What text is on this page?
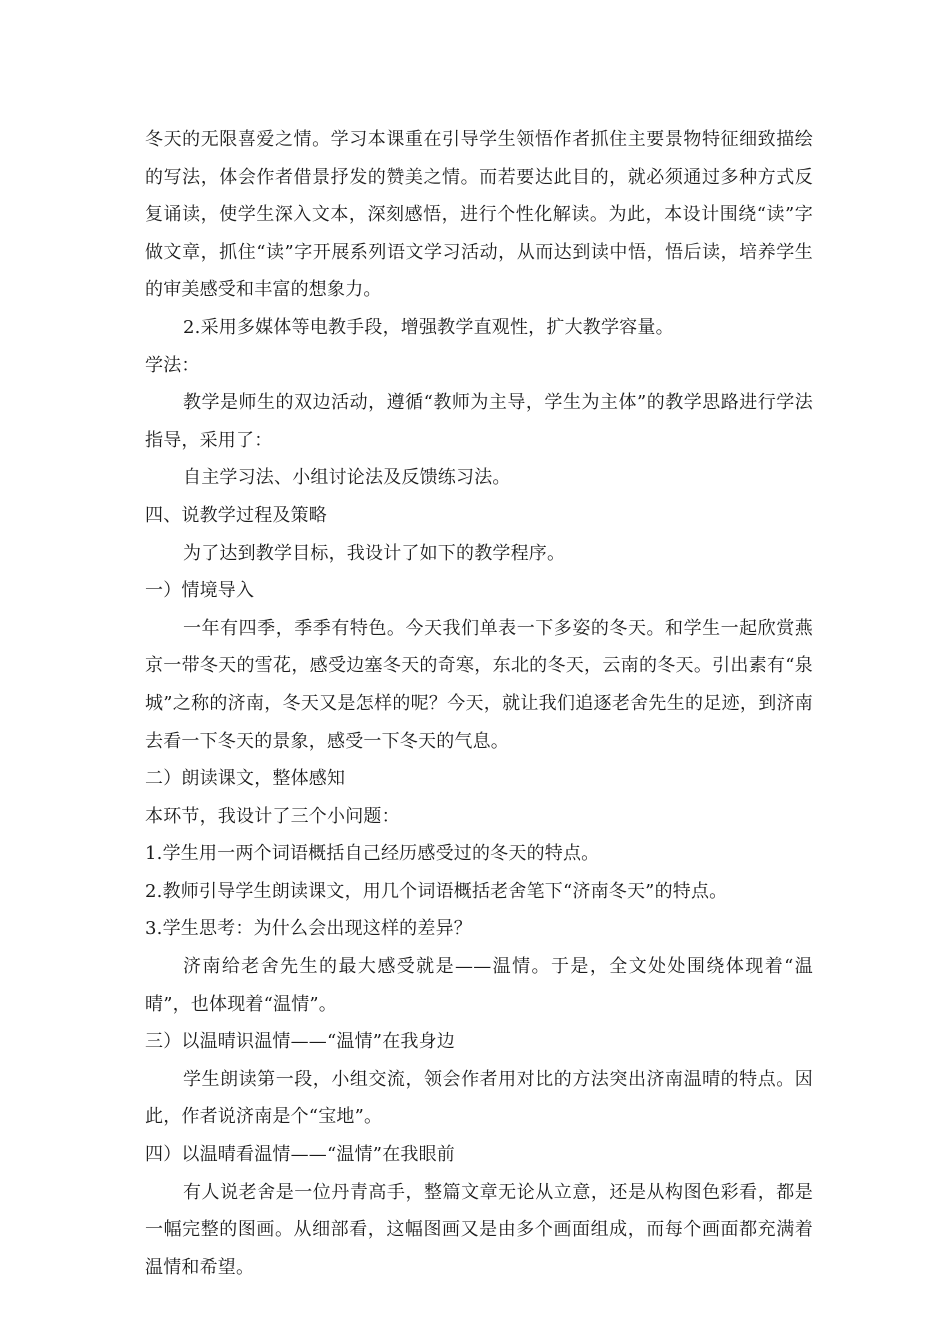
冬天的无限喜爱之情。学习本课重在引导学生领悟作者抓住主要景物特征细致描绘的写法，体会作者借景抒发的赞美之情。而若要达此目的，就必须通过多种方式反复诵读，使学生深入文本，深刻感悟，进行个性化解读。为此，本设计围绕“读”字做文章，抓住“读”字开展系列语文学习活动，从而达到读中悟，悟后读，培养学生的审美感受和丰富的想象力。

2.采用多媒体等电教手段，增强教学直观性，扩大教学容量。

学法：

教学是师生的双边活动，遵循“教师为主导，学生为主体”的教学思路进行学法指导，采用了：

自主学习法、小组讨论法及反馈练习法。

四、说教学过程及策略

为了达到教学目标，我设计了如下的教学程序。

一）情境导入

一年有四季，季季有特色。今天我们单表一下多姿的冬天。和学生一起欣赏燕京一带冬天的雪花，感受边塞冬天的奇寒，东北的冬天，云南的冬天。引出素有“泉城”之称的济南，冬天又是怎样的呢？今天，就让我们追逐老舍先生的足迹，到济南去看一下冬天的景象，感受一下冬天的气息。

二）朗读课文，整体感知

本环节，我设计了三个小问题：

1.学生用一两个词语概括自己经历感受过的冬天的特点。

2.教师引导学生朗读课文，用几个词语概括老舍笔下“济南冬天”的特点。

3.学生思考：为什么会出现这样的差异？

济南给老舍先生的最大感受就是——温情。于是，全文处处围绕体现着“温晴”，也体现着“温情”。

三）以温晴识温情——“温情”在我身边

学生朗读第一段，小组交流，领会作者用对比的方法突出济南温晴的特点。因此，作者说济南是个“宝地”。

四）以温晴看温情——“温情”在我眼前

有人说老舍是一位丹青高手，整篇文章无论从立意，还是从构图色彩看，都是一幅完整的图画。从细部看，这幅图画又是由多个画面组成，而每个画面都充满着温情和希望。
